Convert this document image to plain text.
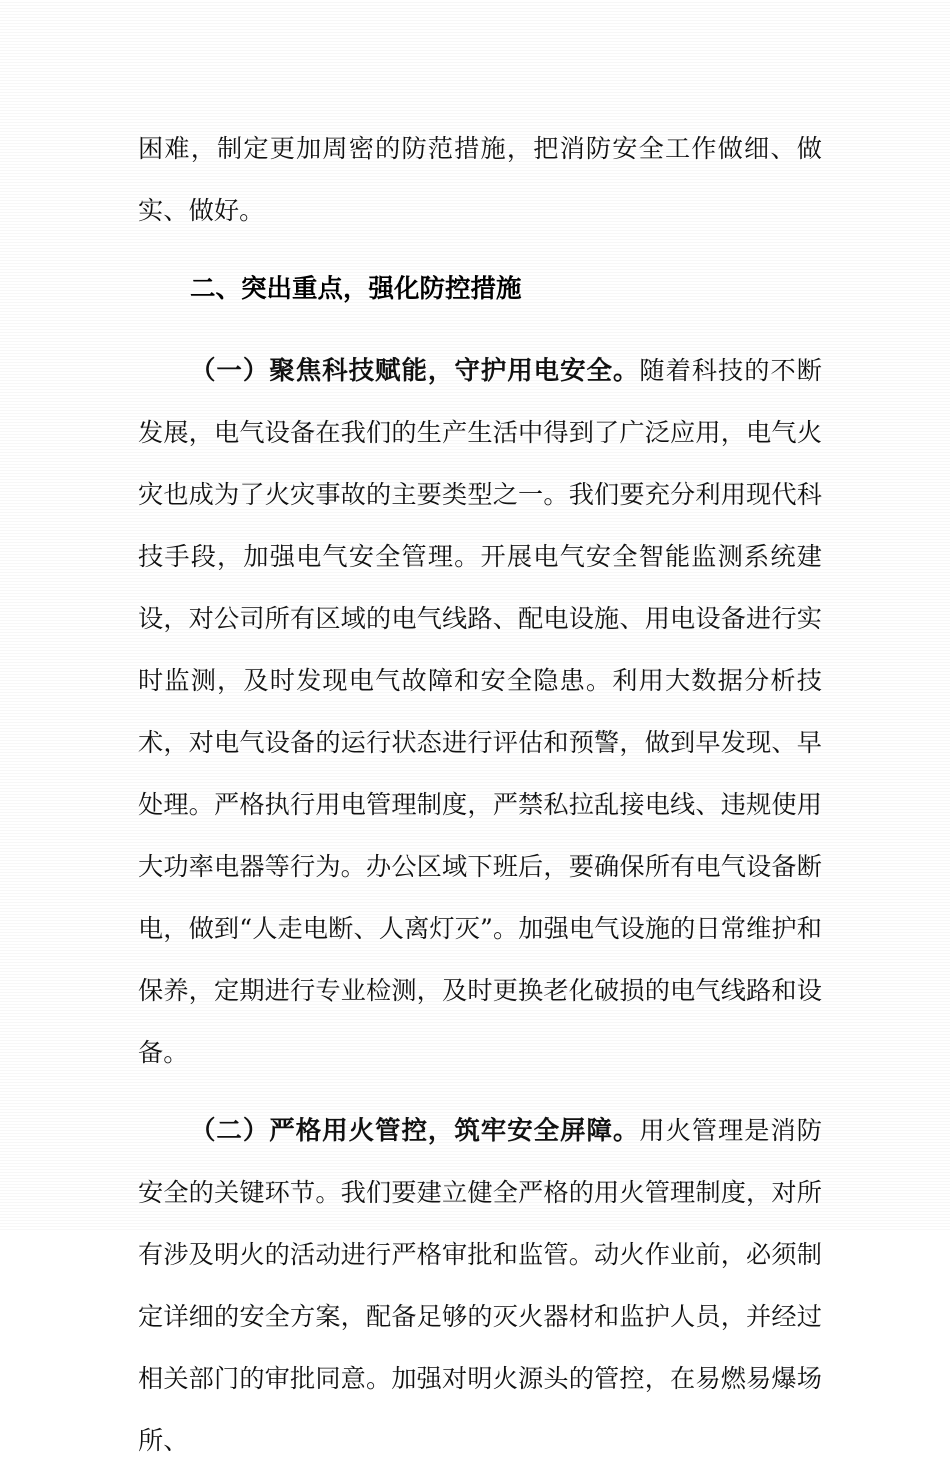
困难，制定更加周密的防范措施，把消防安全工作做细、做实、做好。

二、突出重点，强化防控措施

（一）聚焦科技赋能，守护用电安全。随着科技的不断发展，电气设备在我们的生产生活中得到了广泛应用，电气火灾也成为了火灾事故的主要类型之一。我们要充分利用现代科技手段，加强电气安全管理。开展电气安全智能监测系统建设，对公司所有区域的电气线路、配电设施、用电设备进行实时监测，及时发现电气故障和安全隐患。利用大数据分析技术，对电气设备的运行状态进行评估和预警，做到早发现、早处理。严格执行用电管理制度，严禁私拉乱接电线、违规使用大功率电器等行为。办公区域下班后，要确保所有电气设备断电，做到“人走电断、人离灯灭”。加强电气设施的日常维护和保养，定期进行专业检测，及时更换老化破损的电气线路和设备。

（二）严格用火管控，筑牢安全屏障。用火管理是消防安全的关键环节。我们要建立健全严格的用火管理制度，对所有涉及明火的活动进行严格审批和监管。动火作业前，必须制定详细的安全方案，配备足够的灭火器材和监护人员，并经过相关部门的审批同意。加强对明火源头的管控，在易燃易爆场所、
